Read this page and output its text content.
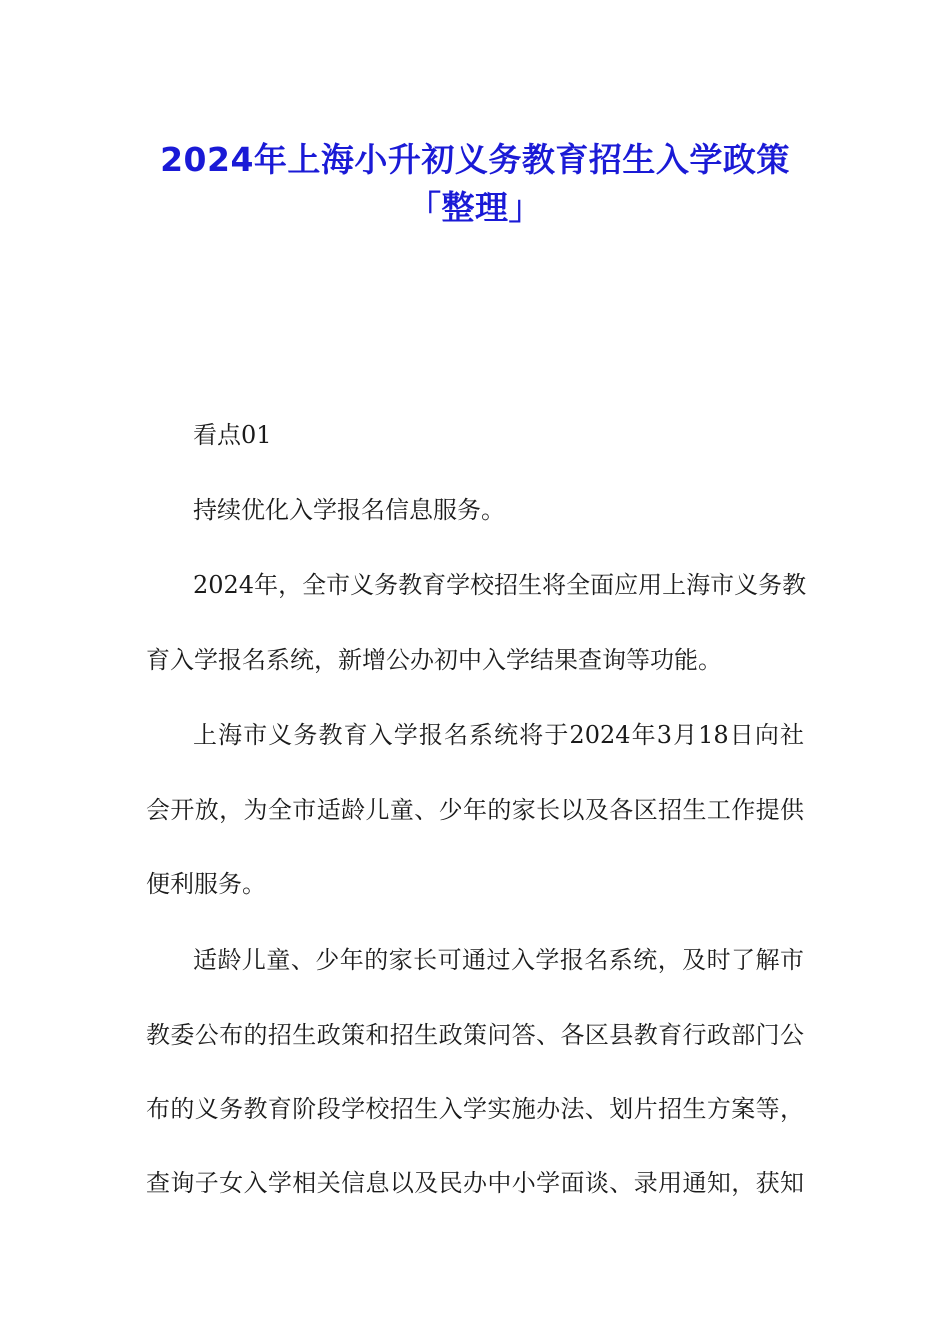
2024年上海小升初义务教育招生入学政策
「整理」
看点01
持续优化入学报名信息服务。
2024年，全市义务教育学校招生将全面应用上海市义务教
育入学报名系统，新增公办初中入学结果查询等功能。
上海市义务教育入学报名系统将于2024年3月18日向社
会开放，为全市适龄儿童、少年的家长以及各区招生工作提供
便利服务。
适龄儿童、少年的家长可通过入学报名系统，及时了解市
教委公布的招生政策和招生政策问答、各区县教育行政部门公
布的义务教育阶段学校招生入学实施办法、划片招生方案等，
查询子女入学相关信息以及民办中小学面谈、录用通知，获知
